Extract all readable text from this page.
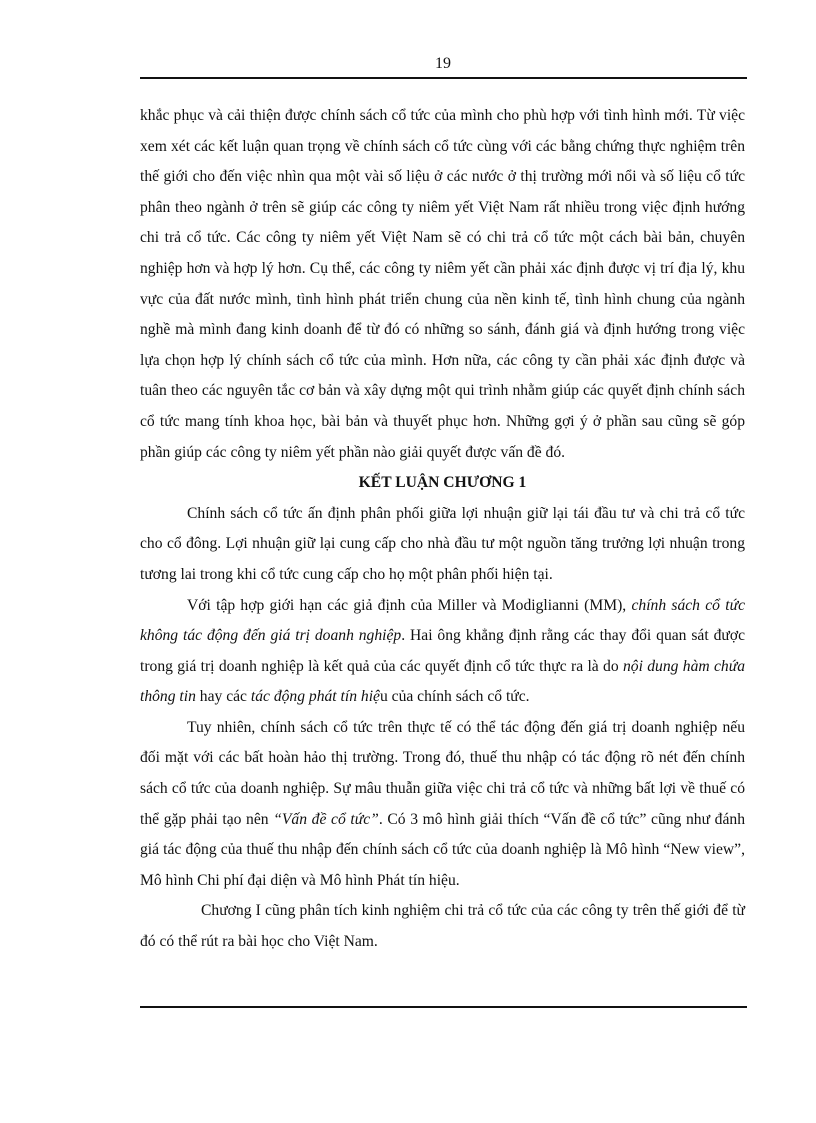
19

khắc phục và cải thiện được chính sách cổ tức của mình cho phù hợp với tình hình mới. Từ việc xem xét các kết luận quan trọng về chính sách cổ tức cùng với các bằng chứng thực nghiệm trên thế giới cho đến việc nhìn qua một vài số liệu ở các nước ở thị trường mới nổi và số liệu cổ tức phân theo ngành ở trên sẽ giúp các công ty niêm yết Việt Nam rất nhiều trong việc định hướng chi trả cổ tức. Các công ty niêm yết Việt Nam sẽ có chi trả cổ tức một cách bài bản, chuyên nghiệp hơn và hợp lý hơn. Cụ thể, các công ty niêm yết cần phải xác định được vị trí địa lý, khu vực của đất nước mình, tình hình phát triển chung của nền kinh tế, tình hình chung của ngành nghề mà mình đang kinh doanh để từ đó có những so sánh, đánh giá và định hướng trong việc lựa chọn hợp lý chính sách cổ tức của mình. Hơn nữa, các công ty cần phải xác định được và tuân theo các nguyên tắc cơ bản và xây dựng một qui trình nhằm giúp các quyết định chính sách cổ tức mang tính khoa học, bài bản và thuyết phục hơn. Những gợi ý ở phần sau cũng sẽ góp phần giúp các công ty niêm yết phần nào giải quyết được vấn đề đó.

KẾT LUẬN CHƯƠNG 1

Chính sách cổ tức ấn định phân phối giữa lợi nhuận giữ lại tái đầu tư và chi trả cổ tức cho cổ đông. Lợi nhuận giữ lại cung cấp cho nhà đầu tư một nguồn tăng trưởng lợi nhuận trong tương lai trong khi cổ tức cung cấp cho họ một phân phối hiện tại.

Với tập hợp giới hạn các giả định của Miller và Modiglianni (MM), chính sách cổ tức không tác động đến giá trị doanh nghiệp. Hai ông khẳng định rằng các thay đổi quan sát được trong giá trị doanh nghiệp là kết quả của các quyết định cổ tức thực ra là do nội dung hàm chứa thông tin hay các tác động phát tín hiệu của chính sách cổ tức.

Tuy nhiên, chính sách cổ tức trên thực tế có thể tác động đến giá trị doanh nghiệp nếu đối mặt với các bất hoàn hảo thị trường. Trong đó, thuế thu nhập có tác động rõ nét đến chính sách cổ tức của doanh nghiệp. Sự mâu thuẫn giữa việc chi trả cổ tức và những bất lợi về thuế có thể gặp phải tạo nên “Vấn đề cổ tức”. Có 3 mô hình giải thích “Vấn đề cổ tức” cũng như đánh giá tác động của thuế thu nhập đến chính sách cổ tức của doanh nghiệp là Mô hình “New view”, Mô hình Chi phí đại diện và Mô hình Phát tín hiệu.

Chương I cũng phân tích kinh nghiệm chi trả cổ tức của các công ty trên thế giới để từ đó có thể rút ra bài học cho Việt Nam.
